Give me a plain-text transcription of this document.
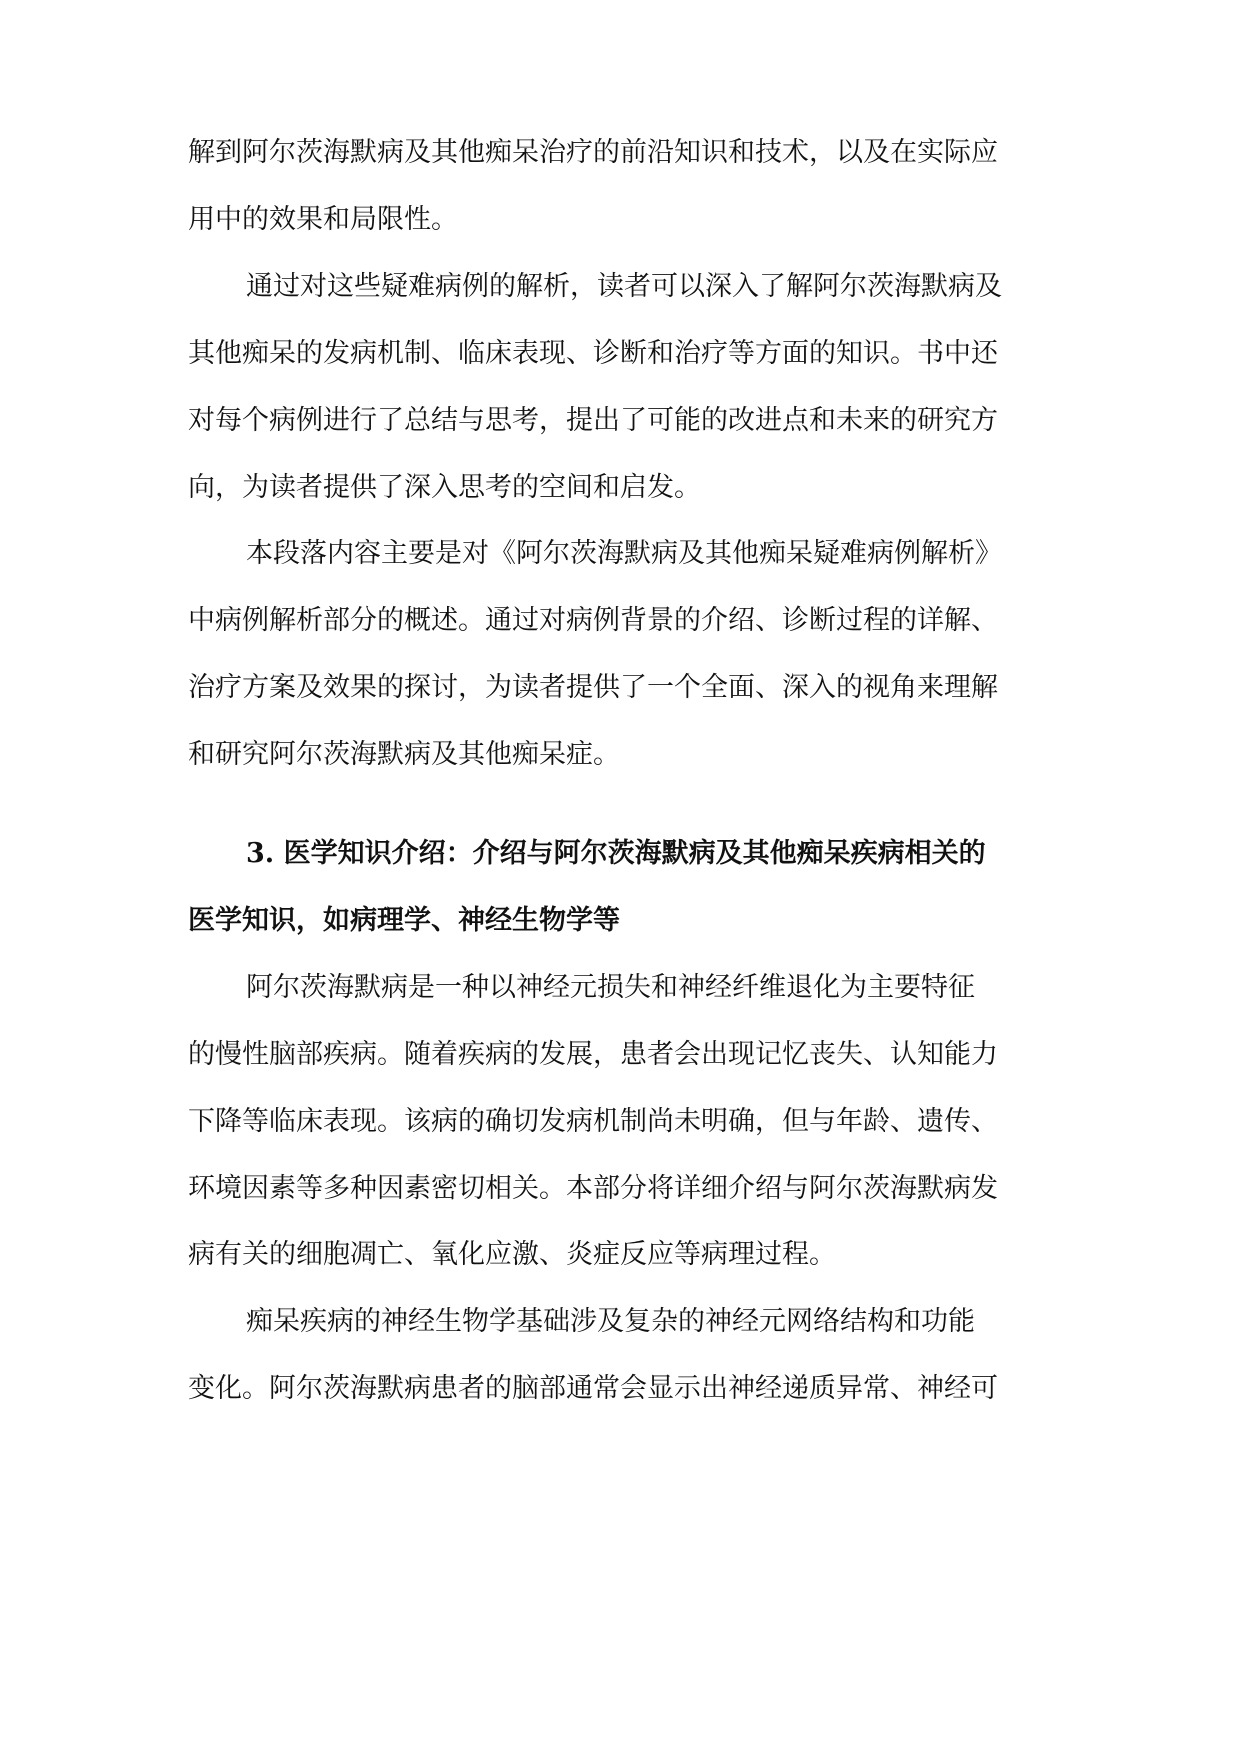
解到阿尔茨海默病及其他痴呆治疗的前沿知识和技术，以及在实际应
用中的效果和局限性。
通过对这些疑难病例的解析，读者可以深入了解阿尔茨海默病及
其他痴呆的发病机制、临床表现、诊断和治疗等方面的知识。书中还
对每个病例进行了总结与思考，提出了可能的改进点和未来的研究方
向，为读者提供了深入思考的空间和启发。
本段落内容主要是对《阿尔茨海默病及其他痴呆疑难病例解析》
中病例解析部分的概述。通过对病例背景的介绍、诊断过程的详解、
治疗方案及效果的探讨，为读者提供了一个全面、深入的视角来理解
和研究阿尔茨海默病及其他痴呆症。
3. 医学知识介绍：介绍与阿尔茨海默病及其他痴呆疾病相关的
医学知识，如病理学、神经生物学等
阿尔茨海默病是一种以神经元损失和神经纤维退化为主要特征
的慢性脑部疾病。随着疾病的发展，患者会出现记忆丧失、认知能力
下降等临床表现。该病的确切发病机制尚未明确，但与年龄、遗传、
环境因素等多种因素密切相关。本部分将详细介绍与阿尔茨海默病发
病有关的细胞凋亡、氧化应激、炎症反应等病理过程。
痴呆疾病的神经生物学基础涉及复杂的神经元网络结构和功能
变化。阿尔茨海默病患者的脑部通常会显示出神经递质异常、神经可
